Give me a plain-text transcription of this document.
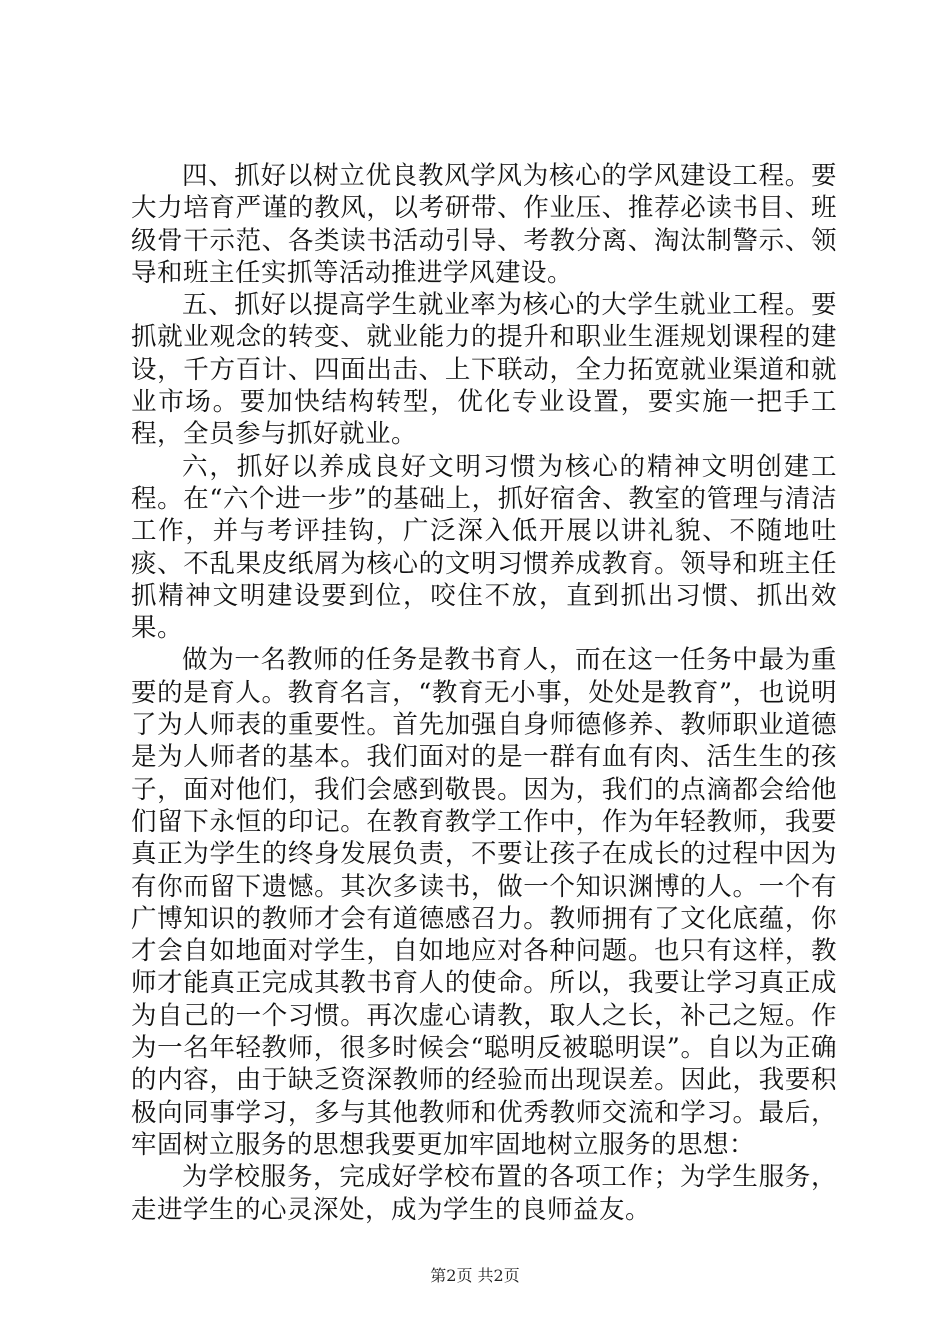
四、抓好以树立优良教风学风为核心的学风建设工程。要大力培育严谨的教风，以考研带、作业压、推荐必读书目、班级骨干示范、各类读书活动引导、考教分离、淘汰制警示、领导和班主任实抓等活动推进学风建设。

五、抓好以提高学生就业率为核心的大学生就业工程。要抓就业观念的转变、就业能力的提升和职业生涯规划课程的建设，千方百计、四面出击、上下联动，全力拓宽就业渠道和就业市场。要加快结构转型，优化专业设置，要实施一把手工程，全员参与抓好就业。

六，抓好以养成良好文明习惯为核心的精神文明创建工程。在“六个进一步”的基础上，抓好宿舍、教室的管理与清洁工作，并与考评挂钩，广泛深入低开展以讲礼貌、不随地吐痰、不乱果皮纸屑为核心的文明习惯养成教育。领导和班主任抓精神文明建设要到位，咬住不放，直到抓出习惯、抓出效果。

做为一名教师的任务是教书育人，而在这一任务中最为重要的是育人。教育名言，“教育无小事，处处是教育”，也说明了为人师表的重要性。首先加强自身师德修养、教师职业道德是为人师者的基本。我们面对的是一群有血有肉、活生生的孩子，面对他们，我们会感到敬畏。因为，我们的点滴都会给他们留下永恒的印记。在教育教学工作中，作为年轻教师，我要真正为学生的终身发展负责，不要让孩子在成长的过程中因为有你而留下遗憾。其次多读书，做一个知识渊博的人。一个有广博知识的教师才会有道德感召力。教师拥有了文化底蕴，你才会自如地面对学生，自如地应对各种问题。也只有这样，教师才能真正完成其教书育人的使命。所以，我要让学习真正成为自己的一个习惯。再次虚心请教，取人之长，补己之短。作为一名年轻教师，很多时候会“聪明反被聪明误”。自以为正确的内容，由于缺乏资深教师的经验而出现误差。因此，我要积极向同事学习，多与其他教师和优秀教师交流和学习。最后，牢固树立服务的思想我要更加牢固地树立服务的思想：

为学校服务，完成好学校布置的各项工作；为学生服务，走进学生的心灵深处，成为学生的良师益友。

第2页 共2页
